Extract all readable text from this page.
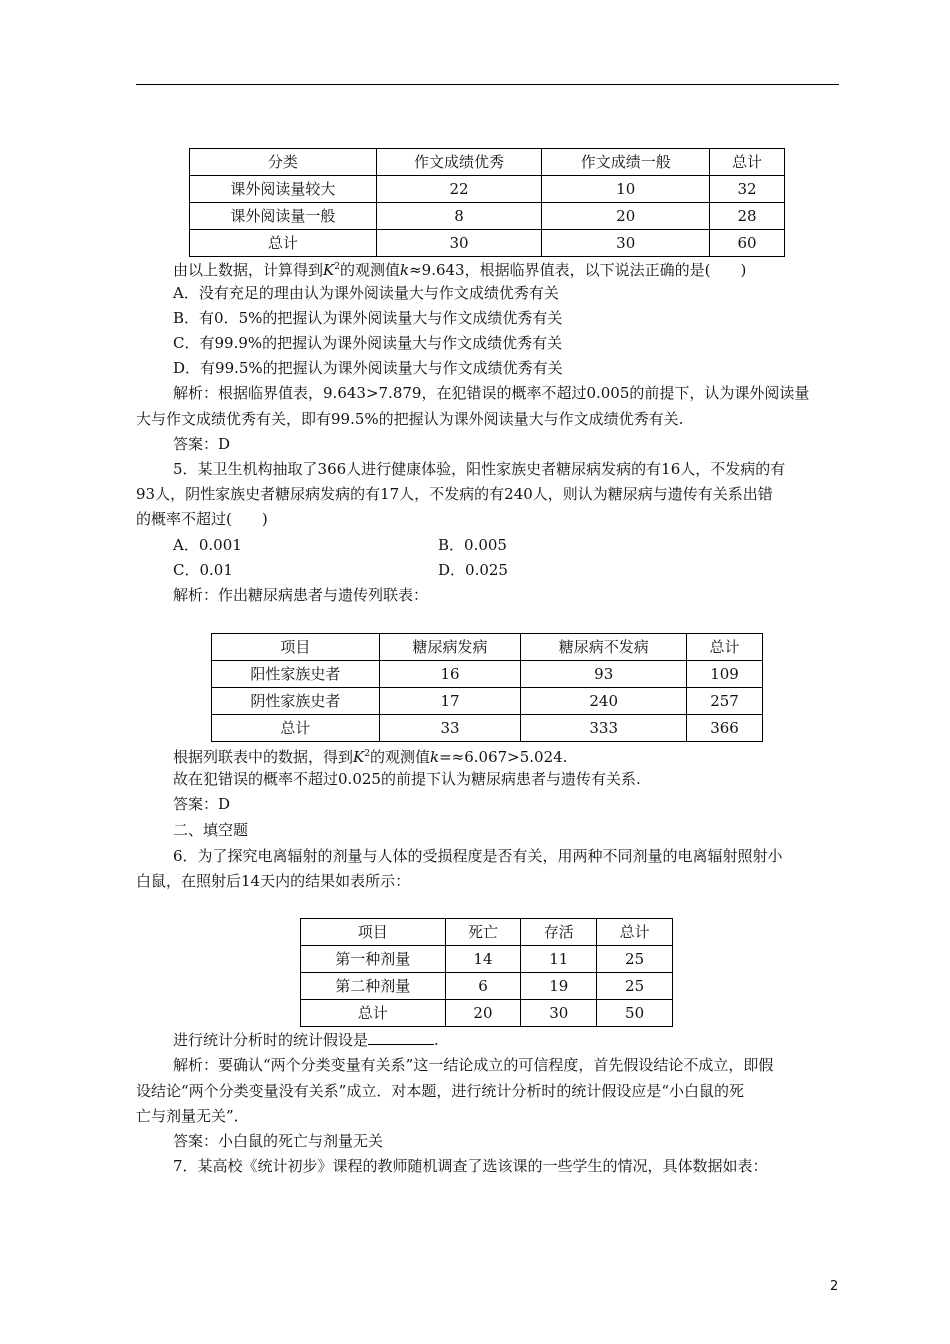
分类	作文成绩优秀	作文成绩一般	总计
课外阅读量较大	22	10	32
课外阅读量一般	8	20	28
总计	30	30	60
由以上数据，计算得到$K^2$的观测值k≈9.643，根据临界值表，以下说法正确的是(　　)
A．没有充足的理由认为课外阅读量大与作文成绩优秀有关
B．有0．5%的把握认为课外阅读量大与作文成绩优秀有关
C．有99.9%的把握认为课外阅读量大与作文成绩优秀有关
D．有99.5%的把握认为课外阅读量大与作文成绩优秀有关
解析：根据临界值表，9.643>7.879，在犯错误的概率不超过0.005的前提下，认为课外阅读量
大与作文成绩优秀有关，即有99.5%的把握认为课外阅读量大与作文成绩优秀有关.
答案：D
5．某卫生机构抽取了366人进行健康体验，阳性家族史者糖尿病发病的有16人，不发病的有
93人，阴性家族史者糖尿病发病的有17人，不发病的有240人，则认为糖尿病与遗传有关系出错
的概率不超过(　　)
A．0.001	B．0.005
C．0.01	D．0.025
解析：作出糖尿病患者与遗传列联表：
项目	糖尿病发病	糖尿病不发病	总计
阳性家族史者	16	93	109
阴性家族史者	17	240	257
总计	33	333	366
根据列联表中的数据，得到$K^2$的观测值k=≈6.067>5.024.
故在犯错误的概率不超过0.025的前提下认为糖尿病患者与遗传有关系.
答案：D
二、填空题
6．为了探究电离辐射的剂量与人体的受损程度是否有关，用两种不同剂量的电离辐射照射小
白鼠，在照射后14天内的结果如表所示：
项目	死亡	存活	总计
第一种剂量	14	11	25
第二种剂量	6	19	25
总计	20	30	50
进行统计分析时的统计假设是	.
解析：要确认“两个分类变量有关系”这一结论成立的可信程度，首先假设结论不成立，即假
设结论“两个分类变量没有关系”成立．对本题，进行统计分析时的统计假设应是“小白鼠的死
亡与剂量无关”．
答案：小白鼠的死亡与剂量无关
7．某高校《统计初步》课程的教师随机调查了选该课的一些学生的情况，具体数据如表：
2
